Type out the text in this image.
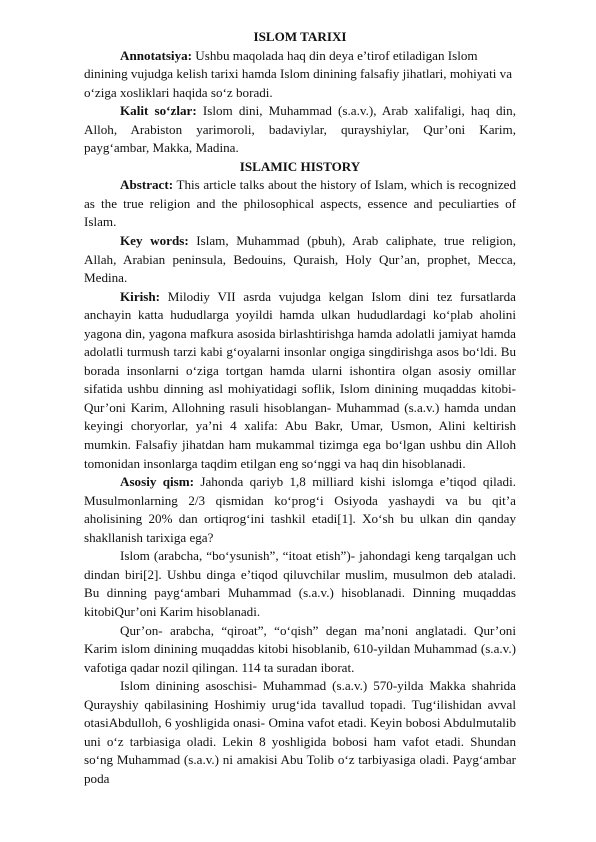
ISLOM TARIXI

Annotatsiya: Ushbu maqolada haq din deya e’tirof etiladigan Islom dinining vujudga kelish tarixi hamda Islom dinining falsafiy jihatlari, mohiyati va o‘ziga xosliklari haqida so‘z boradi.

Kalit so‘zlar: Islom dini, Muhammad (s.a.v.), Arab xalifaligi, haq din, Alloh, Arabiston yarimoroli, badaviylar, qurayshiylar, Qur’oni Karim, payg‘ambar, Makka, Madina.

ISLAMIC HISTORY

Abstract: This article talks about the history of Islam, which is recognized as the true religion and the philosophical aspects, essence and peculiarties of Islam.

Key words: Islam, Muhammad (pbuh), Arab caliphate, true religion, Allah, Arabian peninsula, Bedouins, Quraish, Holy Qur’an, prophet, Mecca, Medina.

Kirish: Milodiy VII asrda vujudga kelgan Islom dini tez fursatlarda anchayin katta hududlarga yoyildi hamda ulkan hududlardagi ko‘plab aholini yagona din, yagona mafkura asosida birlashtirishga hamda adolatli jamiyat hamda adolatli turmush tarzi kabi g‘oyalarni insonlar ongiga singdirishga asos bo‘ldi. Bu borada insonlarni o‘ziga tortgan hamda ularni ishontira olgan asosiy omillar sifatida ushbu dinning asl mohiyatidagi soflik, Islom dinining muqaddas kitobi- Qur’oni Karim, Allohning rasuli hisoblangan- Muhammad (s.a.v.) hamda undan keyingi choryorlar, ya’ni 4 xalifa: Abu Bakr, Umar, Usmon, Alini keltirish mumkin. Falsafiy jihatdan ham mukammal tizimga ega bo‘lgan ushbu din Alloh tomonidan insonlarga taqdim etilgan eng so‘nggi va haq din hisoblanadi.

Asosiy qism: Jahonda qariyb 1,8 milliard kishi islomga e’tiqod qiladi. Musulmonlarning 2/3 qismidan ko‘prog‘i Osiyoda yashaydi va bu qit’a aholisining 20% dan ortiqrog‘ini tashkil etadi[1]. Xo‘sh bu ulkan din qanday shakllanish tarixiga ega?

Islom (arabcha, “bo‘ysunish”, “itoat etish”)- jahondagi keng tarqalgan uch dindan biri[2]. Ushbu dinga e’tiqod qiluvchilar muslim, musulmon deb ataladi. Bu dinning payg‘ambari Muhammad (s.a.v.) hisoblanadi. Dinning muqaddas kitobiQur’oni Karim hisoblanadi.

Qur’on- arabcha, “qiroat”, “o‘qish” degan ma’noni anglatadi. Qur’oni Karim islom dinining muqaddas kitobi hisoblanib, 610-yildan Muhammad (s.a.v.) vafotiga qadar nozil qilingan. 114 ta suradan iborat.

Islom dinining asoschisi- Muhammad (s.a.v.) 570-yilda Makka shahrida Qurayshiy qabilasining Hoshimiy urug‘ida tavallud topadi. Tug‘ilishidan avval otasiAbdulloh, 6 yoshligida onasi- Omina vafot etadi. Keyin bobosi Abdulmutalib uni o‘z tarbiasiga oladi. Lekin 8 yoshligida bobosi ham vafot etadi. Shundan so‘ng Muhammad (s.a.v.) ni amakisi Abu Tolib o‘z tarbiyasiga oladi. Payg‘ambar poda
